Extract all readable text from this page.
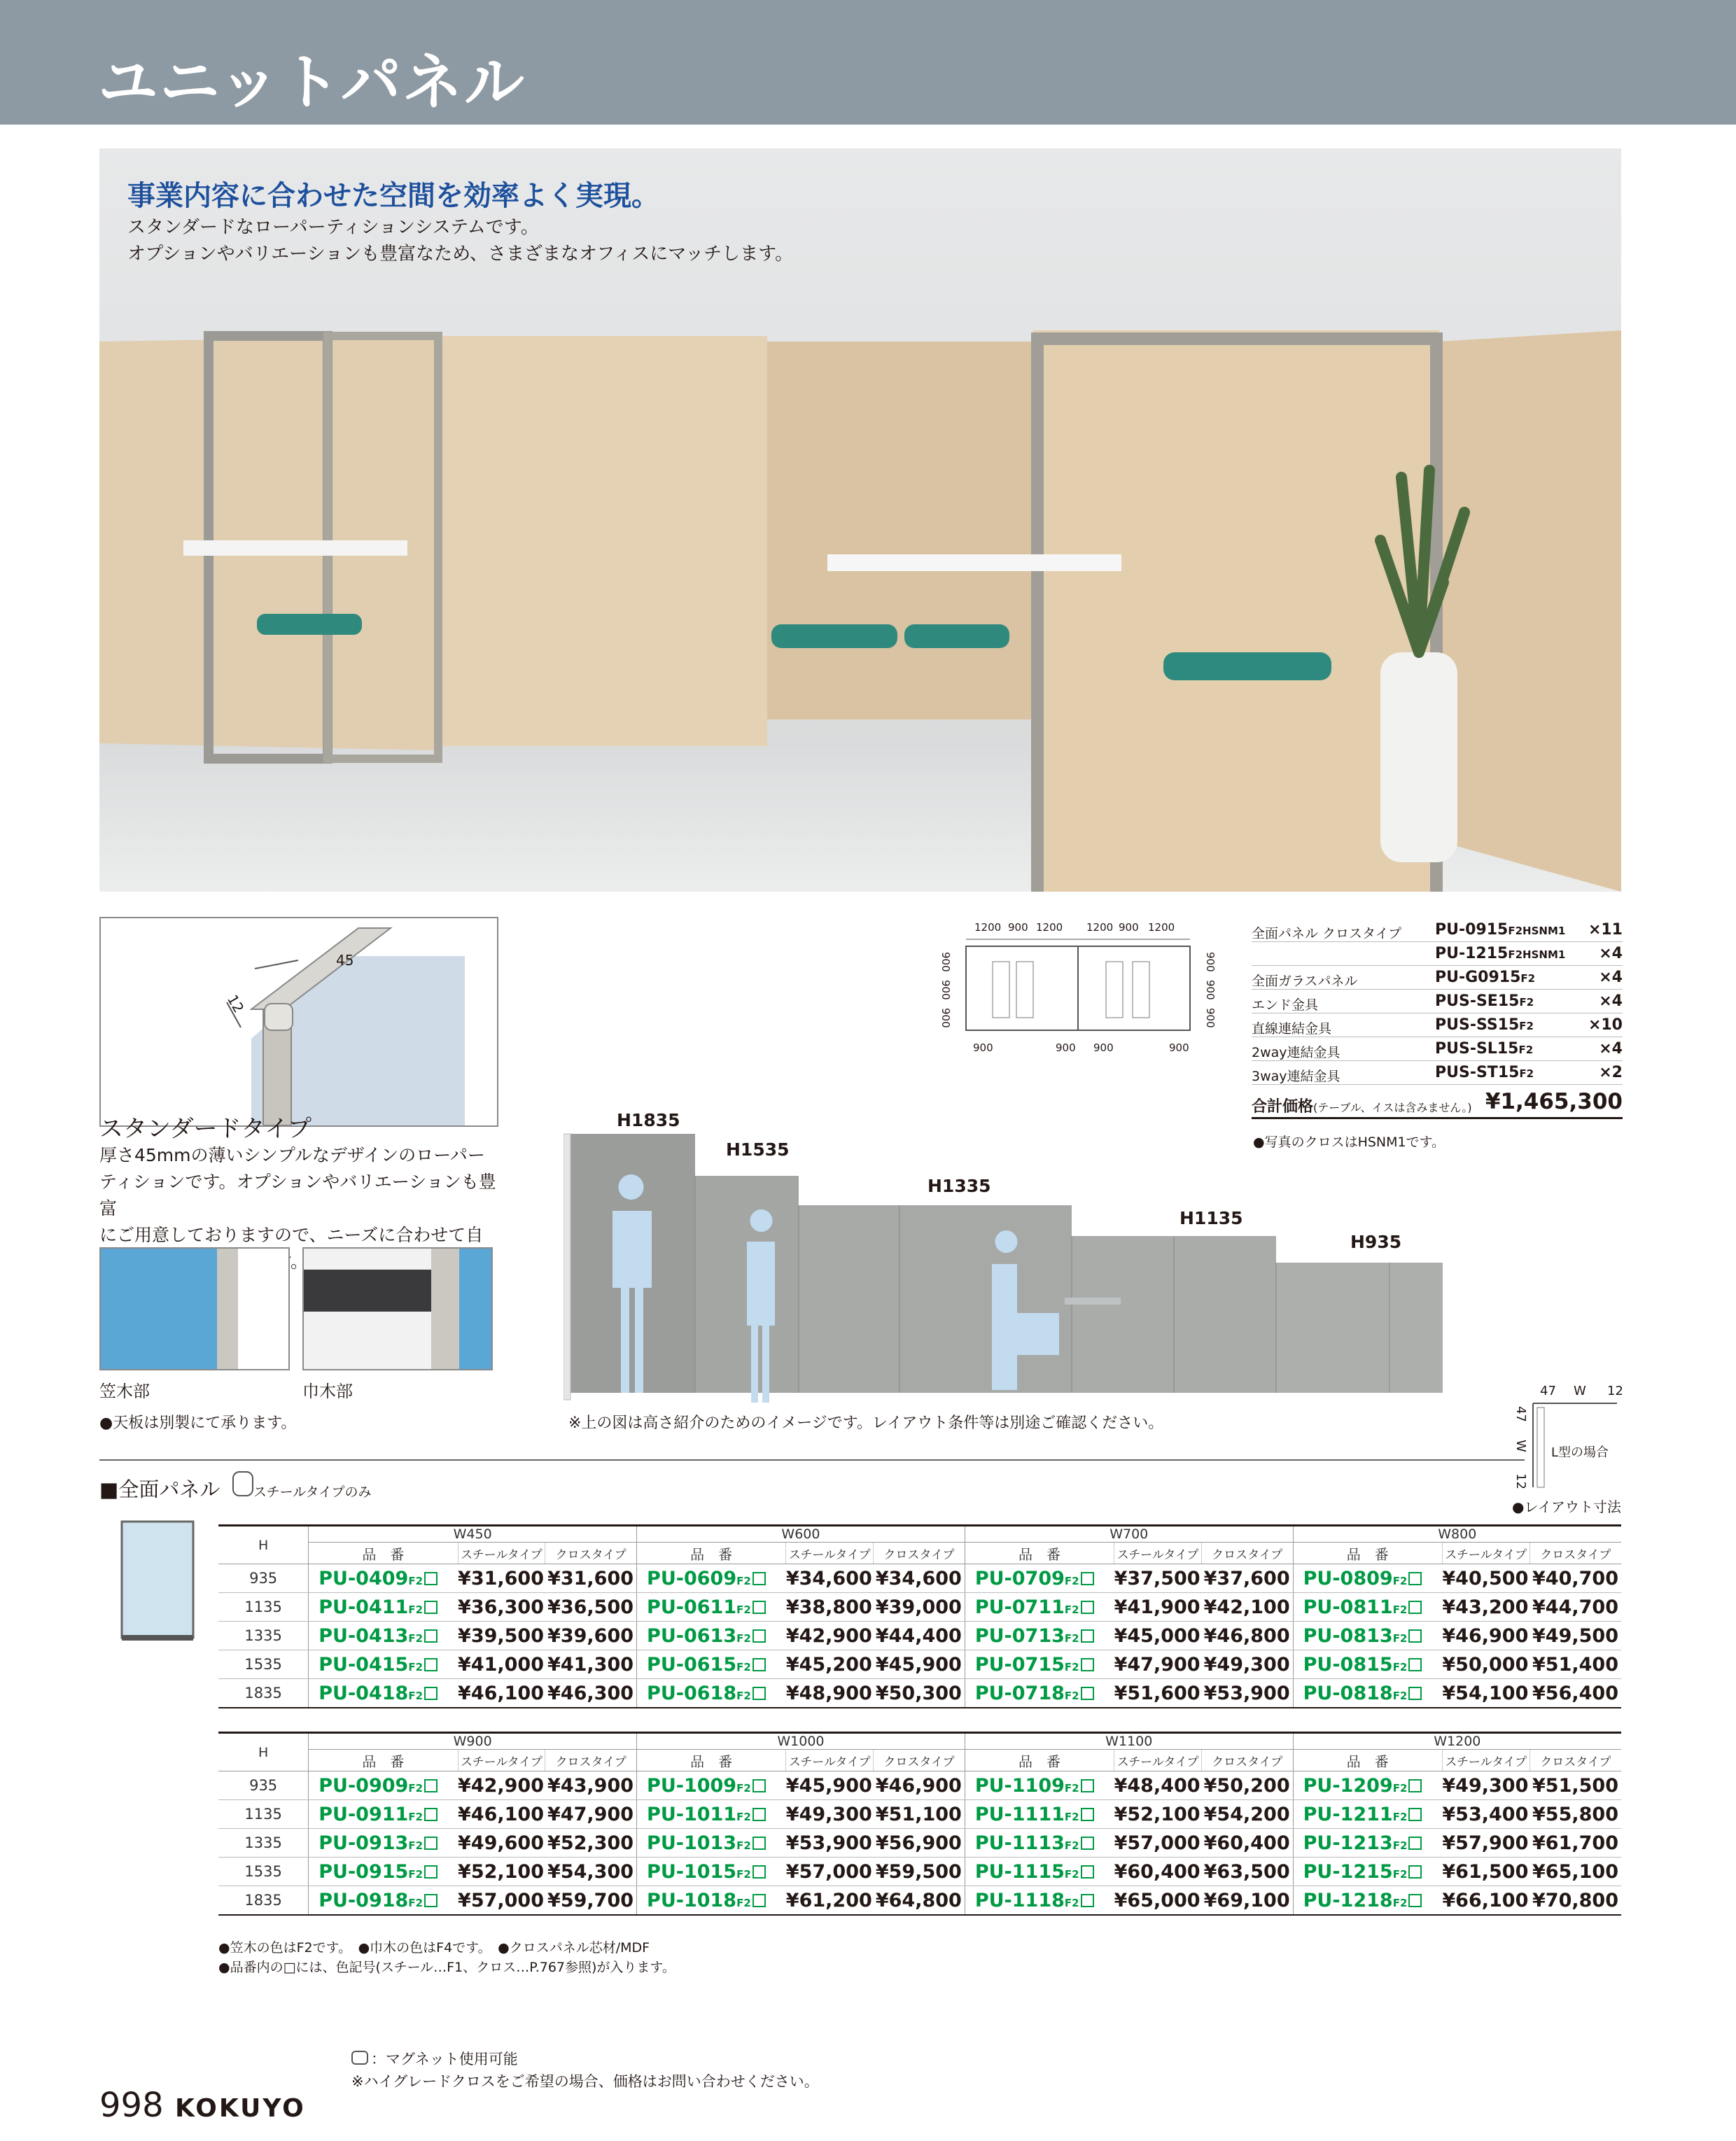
ユニットパネル
事業内容に合わせた空間を効率よく実現。
スタンダードなローパーティションシステムです。
オプションやバリエーションも豊富なため、さまざまなオフィスにマッチします。
45
12
スタンダードタイプ
厚さ45mmの薄いシンプルなデザインのローパー
ティションです。オプションやバリエーションも豊富
にご用意しておりますので、ニーズに合わせて自
笠木部	巾木部
●天板は別製にて承ります。
1200 900 1200 1200 900 1200
900
900
900
900
900
900
900	900 900	900
全面パネル クロスタイプ PU-0915F2HSNM1 ×11
PU-1215F2HSNM1 ×4
全面ガラスパネル	PU-G0915F2	×4
エンド金具	PUS-SE15F2	×4
直線連結金具	PUS-SS15F2	×10
2way連結金具	PUS-SL15F2	×4
3way連結金具	PUS-ST15F2	×2
合計価格(テーブル、イスは含みません。) ¥1,465,300
●写真のクロスはHSNM1です。
H1835
H1535
H1335
H1135
H935
※上の図は高さ紹介のためのイメージです。レイアウト条件等は別途ご確認ください。
47 W 12
47
W
12
L型の場合
●レイアウト寸法
■全面パネル	スチールタイプのみ
H	W450			W600			W700			W800		
	品　番	スチールタイプ	クロスタイプ	品　番	スチールタイプ	クロスタイプ	品　番	スチールタイプ	クロスタイプ	品　番	スチールタイプ	クロスタイプ
935	PU-0409F2	¥31,600	¥31,600	PU-0609F2	¥34,600	¥34,600	PU-0709F2	¥37,500	¥37,600	PU-0809F2	¥40,500	¥40,700
1135	PU-0411F2	¥36,300	¥36,500	PU-0611F2	¥38,800	¥39,000	PU-0711F2	¥41,900	¥42,100	PU-0811F2	¥43,200	¥44,700
1335	PU-0413F2	¥39,500	¥39,600	PU-0613F2	¥42,900	¥44,400	PU-0713F2	¥45,000	¥46,800	PU-0813F2	¥46,900	¥49,500
1535	PU-0415F2	¥41,000	¥41,300	PU-0615F2	¥45,200	¥45,900	PU-0715F2	¥47,900	¥49,300	PU-0815F2	¥50,000	¥51,400
1835	PU-0418F2	¥46,100	¥46,300	PU-0618F2	¥48,900	¥50,300	PU-0718F2	¥51,600	¥53,900	PU-0818F2	¥54,100	¥56,400
H	W900			W1000			W1100			W1200		
	品　番	スチールタイプ	クロスタイプ	品　番	スチールタイプ	クロスタイプ	品　番	スチールタイプ	クロスタイプ	品　番	スチールタイプ	クロスタイプ
935	PU-0909F2	¥42,900	¥43,900	PU-1009F2	¥45,900	¥46,900	PU-1109F2	¥48,400	¥50,200	PU-1209F2	¥49,300	¥51,500
1135	PU-0911F2	¥46,100	¥47,900	PU-1011F2	¥49,300	¥51,100	PU-1111F2	¥52,100	¥54,200	PU-1211F2	¥53,400	¥55,800
1335	PU-0913F2	¥49,600	¥52,300	PU-1013F2	¥53,900	¥56,900	PU-1113F2	¥57,000	¥60,400	PU-1213F2	¥57,900	¥61,700
1535	PU-0915F2	¥52,100	¥54,300	PU-1015F2	¥57,000	¥59,500	PU-1115F2	¥60,400	¥63,500	PU-1215F2	¥61,500	¥65,100
1835	PU-0918F2	¥57,000	¥59,700	PU-1018F2	¥61,200	¥64,800	PU-1118F2	¥65,000	¥69,100	PU-1218F2	¥66,100	¥70,800
●笠木の色はF2です。　●巾木の色はF4です。　●クロスパネル芯材/MDF
●品番内の□には、色記号(スチール…F1、クロス…P.767参照)が入ります。
998 KOKUYO
：マグネット使用可能
※ハイグレードクロスをご希望の場合、価格はお問い合わせください。
